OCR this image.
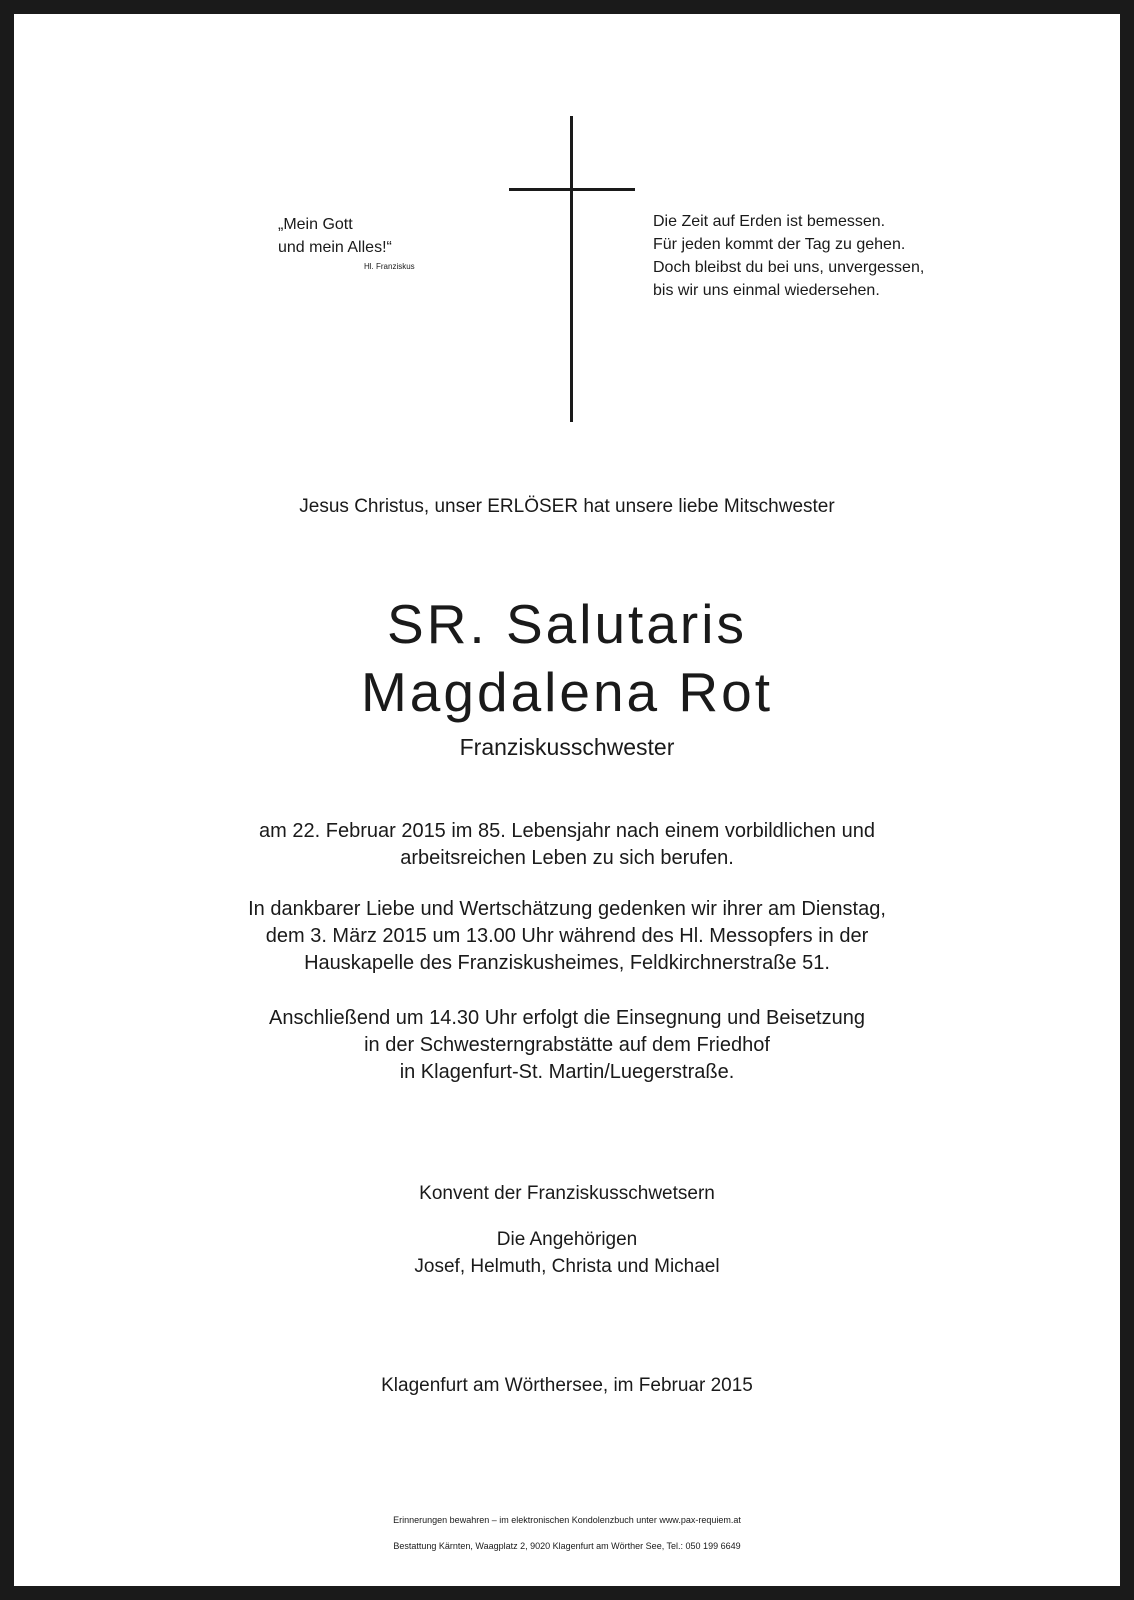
„Mein Gott
und mein Alles!“
Hl. Franziskus
Die Zeit auf Erden ist bemessen.
Für jeden kommt der Tag zu gehen.
Doch bleibst du bei uns, unvergessen,
bis wir uns einmal wiedersehen.
Jesus Christus, unser ERLÖSER hat unsere liebe Mitschwester
SR. Salutaris
Magdalena Rot
Franziskusschwester
am 22. Februar 2015 im 85. Lebensjahr nach einem vorbildlichen und
arbeitsreichen Leben zu sich berufen.
In dankbarer Liebe und Wertschätzung gedenken wir ihrer am Dienstag,
dem 3. März 2015 um 13.00 Uhr während des Hl. Messopfers in der
Hauskapelle des Franziskusheimes, Feldkirchnerstraße 51.
Anschließend um 14.30 Uhr erfolgt die Einsegnung und Beisetzung
in der Schwesterngrabstätte auf dem Friedhof
in Klagenfurt-St. Martin/Luegerstraße.
Konvent der Franziskusschwetsern
Die Angehörigen
Josef, Helmuth, Christa und Michael
Klagenfurt am Wörthersee, im Februar 2015
Erinnerungen bewahren – im elektronischen Kondolenzbuch unter www.pax-requiem.at
Bestattung Kärnten, Waagplatz 2, 9020 Klagenfurt am Wörther See, Tel.: 050 199 6649
